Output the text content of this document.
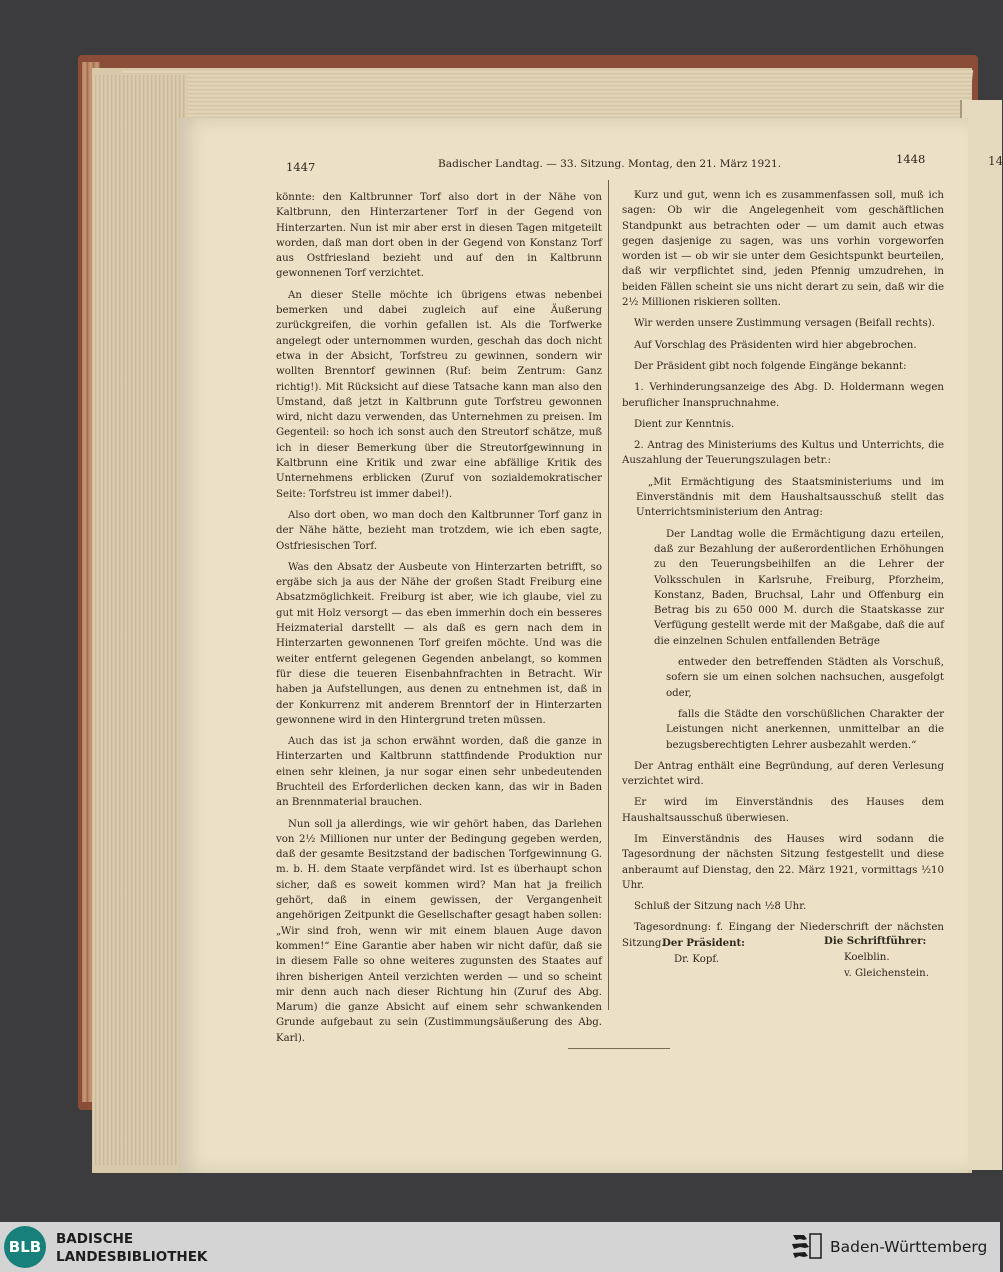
14
1447	Badischer Landtag. — 33. Sitzung. Montag, den 21. März 1921.	1448

könnte: den Kaltbrunner Torf also dort in der Nähe von Kaltbrunn, den Hinterzartener Torf in der Gegend von Hinterzarten. Nun ist mir aber erst in diesen Tagen mitgeteilt worden, daß man dort oben in der Gegend von Konstanz Torf aus Ostfriesland bezieht und auf den in Kaltbrunn gewonnenen Torf verzichtet.

An dieser Stelle möchte ich übrigens etwas nebenbei bemerken und dabei zugleich auf eine Äußerung zurückgreifen, die vorhin gefallen ist. Als die Torfwerke angelegt oder unternommen wurden, geschah das doch nicht etwa in der Absicht, Torfstreu zu gewinnen, sondern wir wollten Brenntorf gewinnen (Ruf: beim Zentrum: Ganz richtig!). Mit Rücksicht auf diese Tatsache kann man also den Umstand, daß jetzt in Kaltbrunn gute Torfstreu gewonnen wird, nicht dazu verwenden, das Unternehmen zu preisen. Im Gegenteil: so hoch ich sonst auch den Streutorf schätze, muß ich in dieser Bemerkung über die Streutorfgewinnung in Kaltbrunn eine Kritik und zwar eine abfällige Kritik des Unternehmens erblicken (Zuruf von sozialdemokratischer Seite: Torfstreu ist immer dabei!).

Also dort oben, wo man doch den Kaltbrunner Torf ganz in der Nähe hätte, bezieht man trotzdem, wie ich eben sagte, Ostfriesischen Torf.

Was den Absatz der Ausbeute von Hinterzarten betrifft, so ergäbe sich ja aus der Nähe der großen Stadt Freiburg eine Absatzmöglichkeit. Freiburg ist aber, wie ich glaube, viel zu gut mit Holz versorgt — das eben immerhin doch ein besseres Heizmaterial darstellt — als daß es gern nach dem in Hinterzarten gewonnenen Torf greifen möchte. Und was die weiter entfernt gelegenen Gegenden anbelangt, so kommen für diese die teueren Eisenbahnfrachten in Betracht. Wir haben ja Aufstellungen, aus denen zu entnehmen ist, daß in der Konkurrenz mit anderem Brenntorf der in Hinterzarten gewonnene wird in den Hintergrund treten müssen.

Auch das ist ja schon erwähnt worden, daß die ganze in Hinterzarten und Kaltbrunn stattfindende Produktion nur einen sehr kleinen, ja nur sogar einen sehr unbedeutenden Bruchteil des Erforderlichen decken kann, das wir in Baden an Brennmaterial brauchen.

Nun soll ja allerdings, wie wir gehört haben, das Darlehen von 2½ Millionen nur unter der Bedingung gegeben werden, daß der gesamte Besitzstand der badischen Torfgewinnung G. m. b. H. dem Staate verpfändet wird. Ist es überhaupt schon sicher, daß es soweit kommen wird? Man hat ja freilich gehört, daß in einem gewissen, der Vergangenheit angehörigen Zeitpunkt die Gesellschafter gesagt haben sollen: „Wir sind froh, wenn wir mit einem blauen Auge davon kommen!“ Eine Garantie aber haben wir nicht dafür, daß sie in diesem Falle so ohne weiteres zugunsten des Staates auf ihren bisherigen Anteil verzichten werden — und so scheint mir denn auch nach dieser Richtung hin (Zuruf des Abg. Marum) die ganze Absicht auf einem sehr schwankenden Grunde aufgebaut zu sein (Zustimmungsäußerung des Abg. Karl).

Kurz und gut, wenn ich es zusammenfassen soll, muß ich sagen: Ob wir die Angelegenheit vom geschäftlichen Standpunkt aus betrachten oder — um damit auch etwas gegen dasjenige zu sagen, was uns vorhin vorgeworfen worden ist — ob wir sie unter dem Gesichtspunkt beurteilen, daß wir verpflichtet sind, jeden Pfennig umzudrehen, in beiden Fällen scheint sie uns nicht derart zu sein, daß wir die 2½ Millionen riskieren sollten.

Wir werden unsere Zustimmung versagen (Beifall rechts).

Auf Vorschlag des Präsidenten wird hier abgebrochen.

Der Präsident gibt noch folgende Eingänge bekannt:

1. Verhinderungsanzeige des Abg. D. Holdermann wegen beruflicher Inanspruchnahme.

Dient zur Kenntnis.

2. Antrag des Ministeriums des Kultus und Unterrichts, die Auszahlung der Teuerungszulagen betr.:

„Mit Ermächtigung des Staatsministeriums und im Einverständnis mit dem Haushaltsausschuß stellt das Unterrichtsministerium den Antrag:

Der Landtag wolle die Ermächtigung dazu erteilen, daß zur Bezahlung der außerordentlichen Erhöhungen zu den Teuerungsbeihilfen an die Lehrer der Volksschulen in Karlsruhe, Freiburg, Pforzheim, Konstanz, Baden, Bruchsal, Lahr und Offenburg ein Betrag bis zu 650 000 M. durch die Staatskasse zur Verfügung gestellt werde mit der Maßgabe, daß die auf die einzelnen Schulen entfallenden Beträge

entweder den betreffenden Städten als Vorschuß, sofern sie um einen solchen nachsuchen, ausgefolgt oder,

falls die Städte den vorschüßlichen Charakter der Leistungen nicht anerkennen, unmittelbar an die bezugsberechtigten Lehrer ausbezahlt werden.“

Der Antrag enthält eine Begründung, auf deren Verlesung verzichtet wird.

Er wird im Einverständnis des Hauses dem Haushaltsausschuß überwiesen.

Im Einverständnis des Hauses wird sodann die Tagesordnung der nächsten Sitzung festgestellt und diese anberaumt auf Dienstag, den 22. März 1921, vormittags ½10 Uhr.

Schluß der Sitzung nach ½8 Uhr.

Tagesordnung: f. Eingang der Niederschrift der nächsten Sitzung.

Der Präsident:
Dr. Kopf.
Die Schriftführer:
Koelblin.
v. Gleichenstein.
BLB	BADISCHE
LANDESBIBLIOTHEK
Baden-Württemberg
